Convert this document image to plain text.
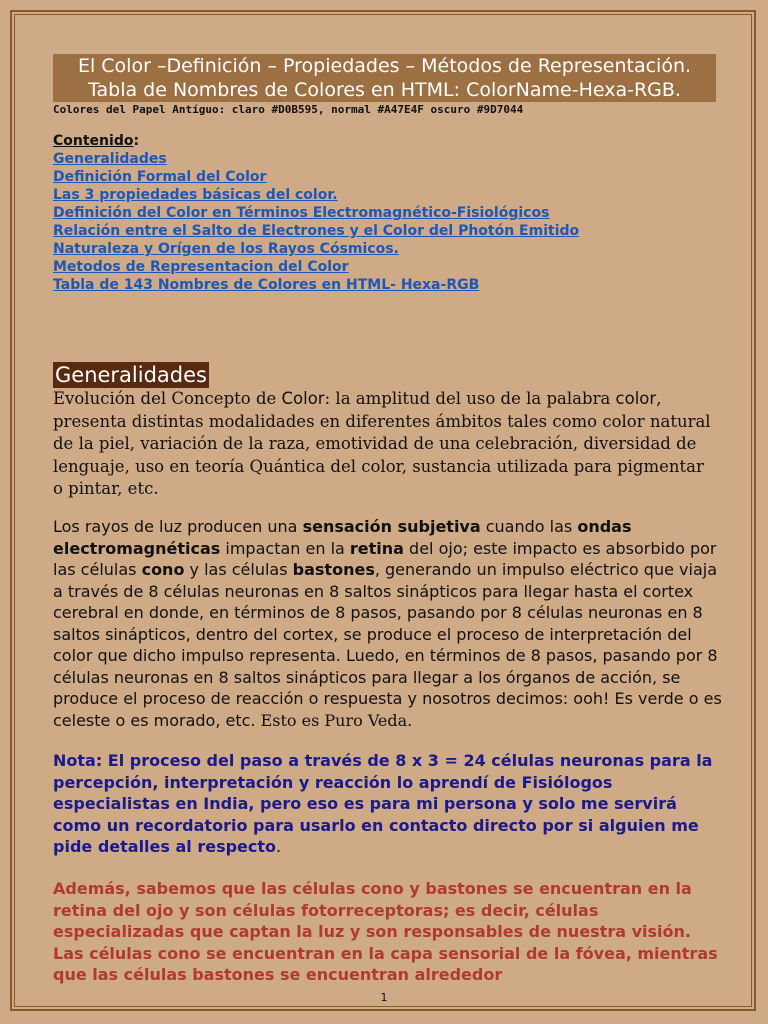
El Color –Definición – Propiedades – Métodos de Representación.
Tabla de Nombres de Colores en HTML: ColorName-Hexa-RGB.
Colores del Papel Antíguo: claro #D0B595, normal #A47E4F oscuro #9D7044
Contenido:
Generalidades
Definición Formal del Color
Las 3 propiedades básicas del color.
Definición del Color en Términos Electromagnético-Fisiológicos
Relación entre el Salto de Electrones y el Color del Photón Emitido
Naturaleza y Orígen de los Rayos Cósmicos.
Metodos de Representacion del Color
Tabla de 143 Nombres de Colores en HTML- Hexa-RGB
Generalidades
Evolución del Concepto de Color: la amplitud del uso de la palabra color, presenta distintas modalidades en diferentes ámbitos tales como color natural de la piel, variación de la raza, emotividad de una celebración, diversidad de lenguaje, uso en teoría Quántica del color, sustancia utilizada para pigmentar o pintar, etc.
Los rayos de luz producen una sensación subjetiva cuando las ondas electromagnéticas impactan en la retina del ojo; este impacto es absorbido por las células cono y las células bastones, generando un impulso eléctrico que viaja a través de 8 células neuronas en 8 saltos sinápticos para llegar hasta el cortex cerebral en donde, en términos de 8 pasos, pasando por 8 células neuronas en 8 saltos sinápticos, dentro del cortex, se produce el proceso de interpretación del color que dicho impulso representa. Luedo, en términos de 8 pasos, pasando por 8 células neuronas en 8 saltos sinápticos para llegar a los órganos de acción, se produce el proceso de reacción o respuesta y nosotros decimos: ooh! Es verde o es celeste o es morado, etc. Esto es Puro Veda.
Nota: El proceso del paso a través de 8 x 3 = 24 células neuronas para la percepción, interpretación y reacción lo aprendí de Fisiólogos especialistas en India, pero eso es para mi persona y solo me servirá como un recordatorio para usarlo en contacto directo por si alguien me pide detalles al respecto.
Además, sabemos que las células cono y bastones se encuentran en la retina del ojo y son células fotorreceptoras; es decir, células especializadas que captan la luz y son responsables de nuestra visión. Las células cono se encuentran en la capa sensorial de la fóvea, mientras que las células bastones se encuentran alrededor
1
